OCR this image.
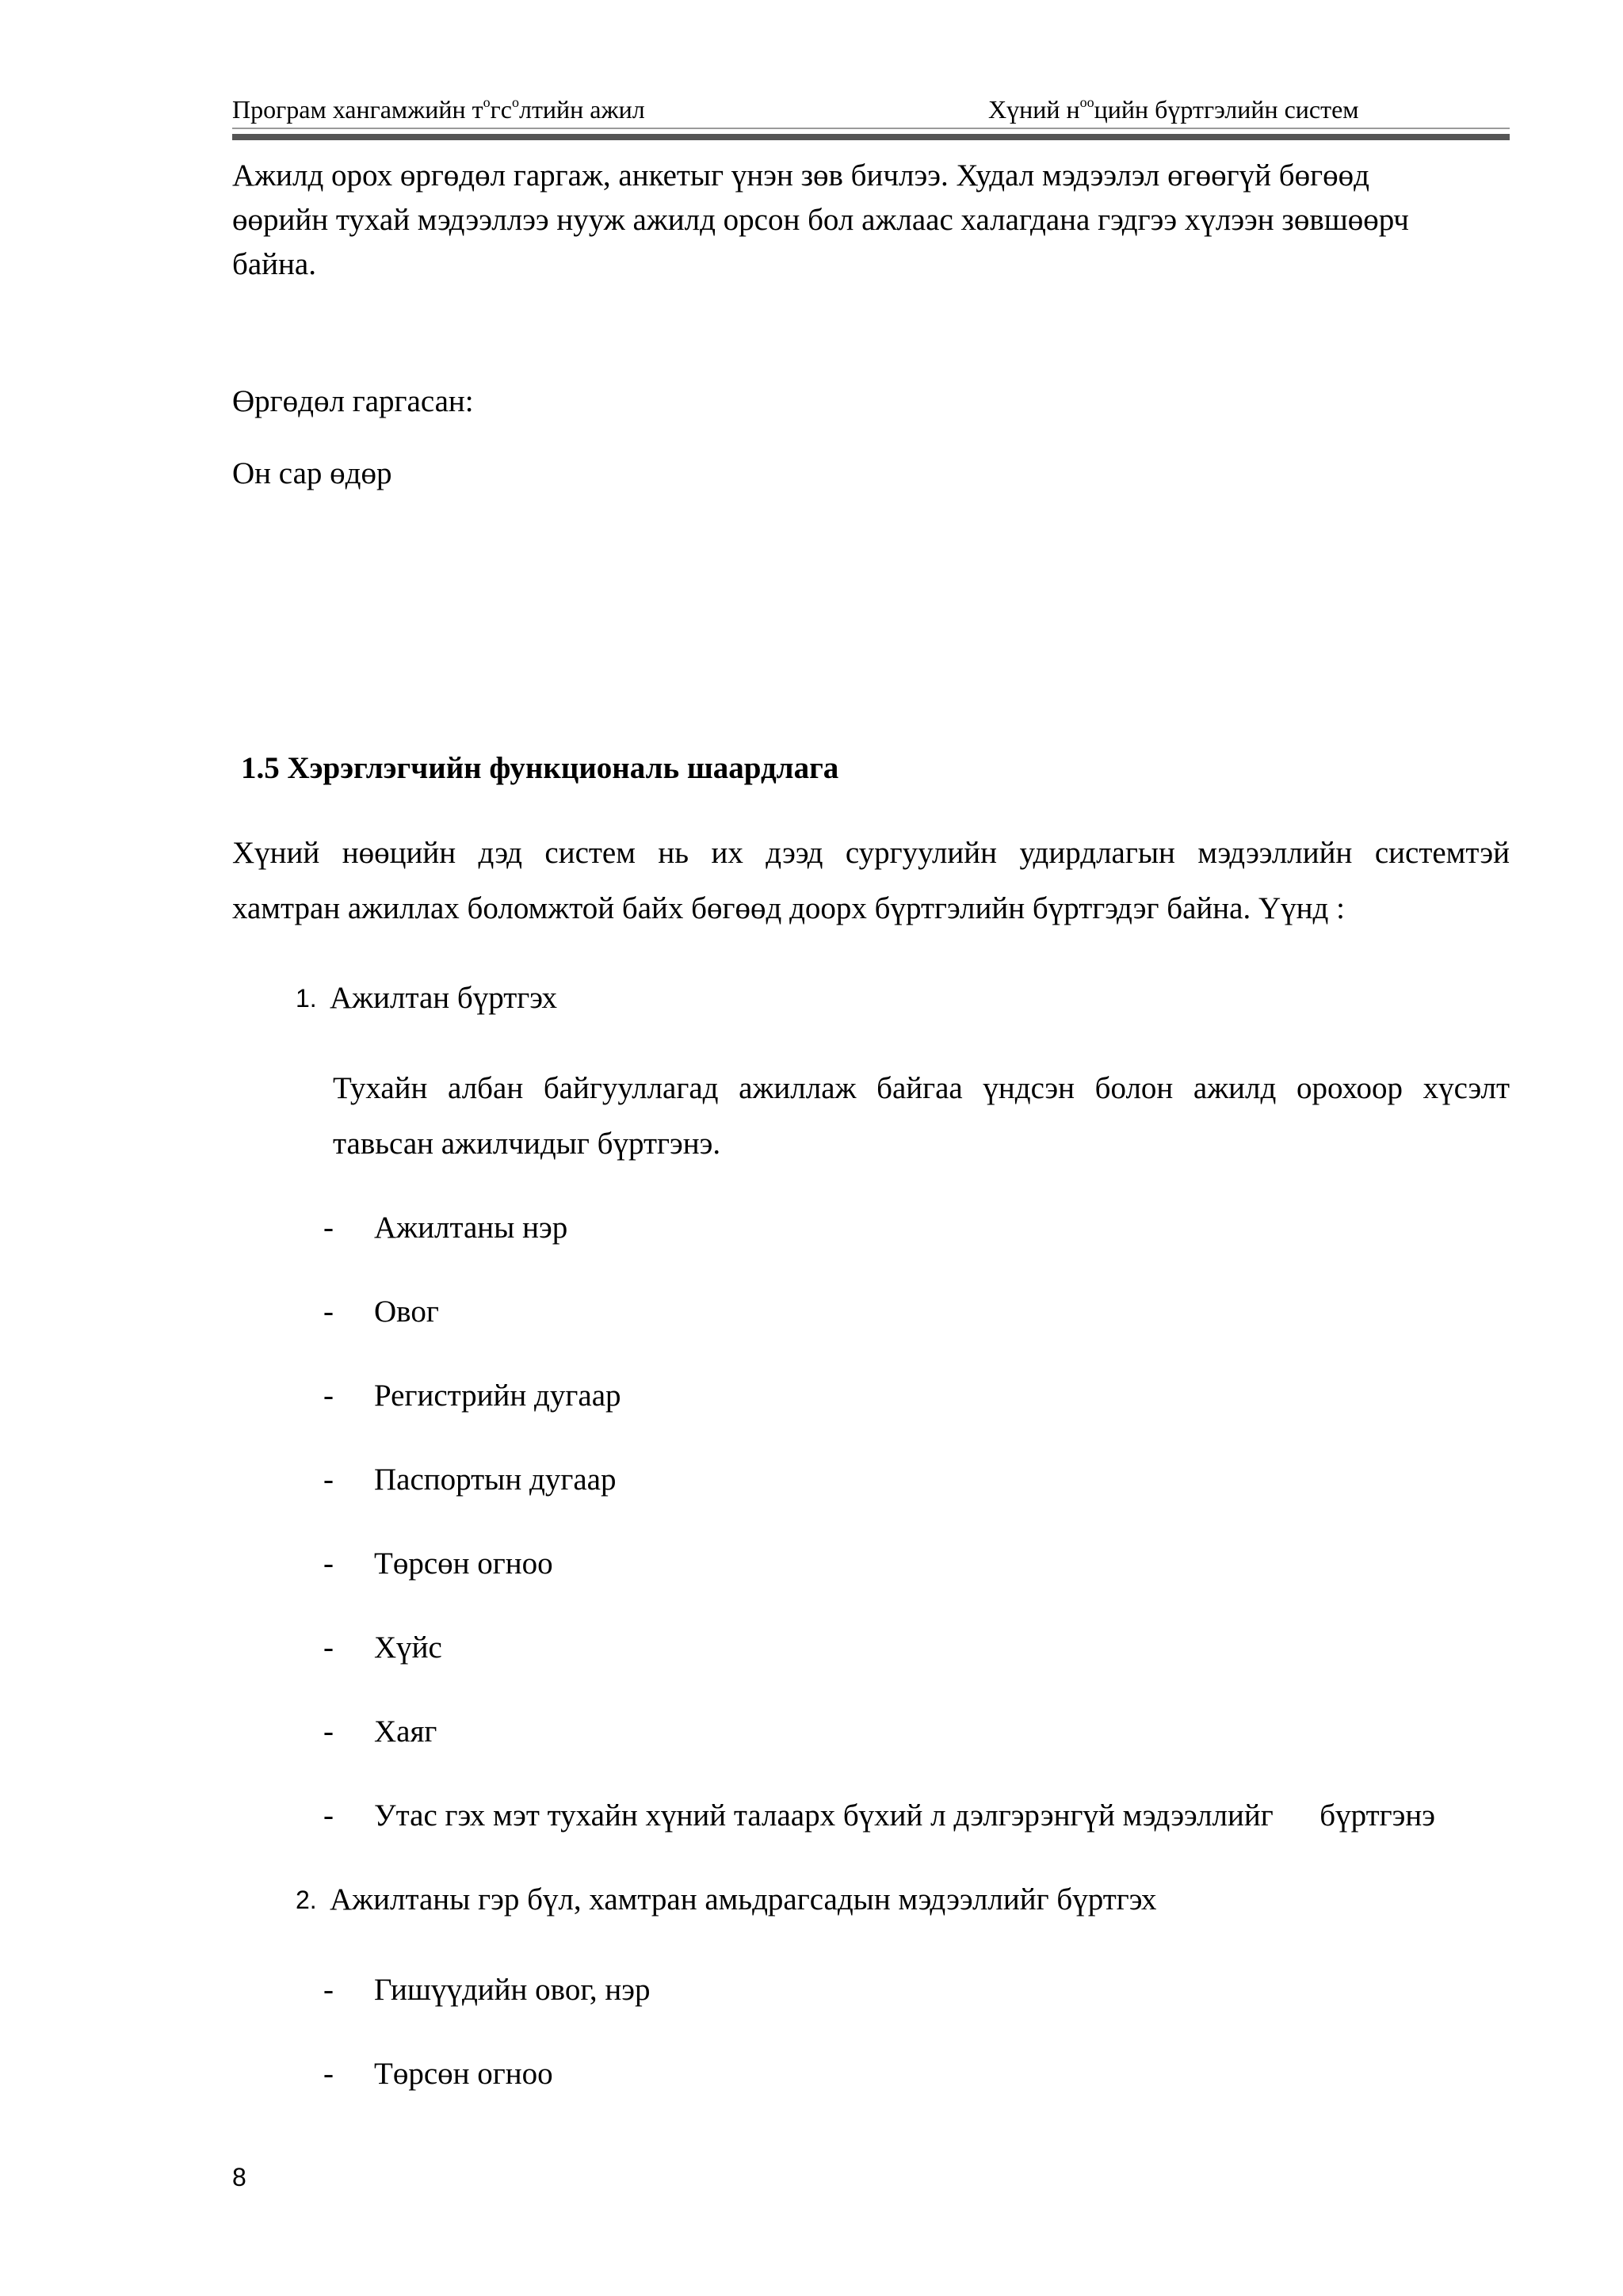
Програм хангамжийн $т^огс^олтийн$ ажил	Хүний $н^{оо}цийн$ бүртгэлийн систем
Ажилд орох өргөдөл гаргаж, анкетыг үнэн зөв бичлээ. Худал мэдээлэл өгөөгүй бөгөөд
өөрийн тухай мэдээллээ нууж ажилд орсон бол ажлаас халагдана гэдгээ хүлээн зөвшөөрч
байна.
Өргөдөл гаргасан:
Он сар өдөр
1.5 Хэрэглэгчийн функциональ шаардлага
Хүний нөөцийн дэд систем нь их дээд сургуулийн удирдлагын мэдээллийн системтэй
хамтран ажиллах боломжтой байх бөгөөд доорх бүртгэлийн бүртгэдэг байна. Үүнд :
1. Ажилтан бүртгэх
Тухайн албан байгууллагад ажиллаж байгаа үндсэн болон ажилд орохоор хүсэлт
тавьсан ажилчидыг бүртгэнэ.
- Ажилтаны нэр
- Овог
- Регистрийн дугаар
- Паспортын дугаар
- Төрсөн огноо
- Хүйс
- Хаяг
- Утас гэх мэт тухайн хүний талаарх бүхий л дэлгэрэнгүй мэдээллийг      бүртгэнэ
2. Ажилтаны гэр бүл, хамтран амьдрагсадын мэдээллийг бүртгэх
- Гишүүдийн овог, нэр
- Төрсөн огноо
8
